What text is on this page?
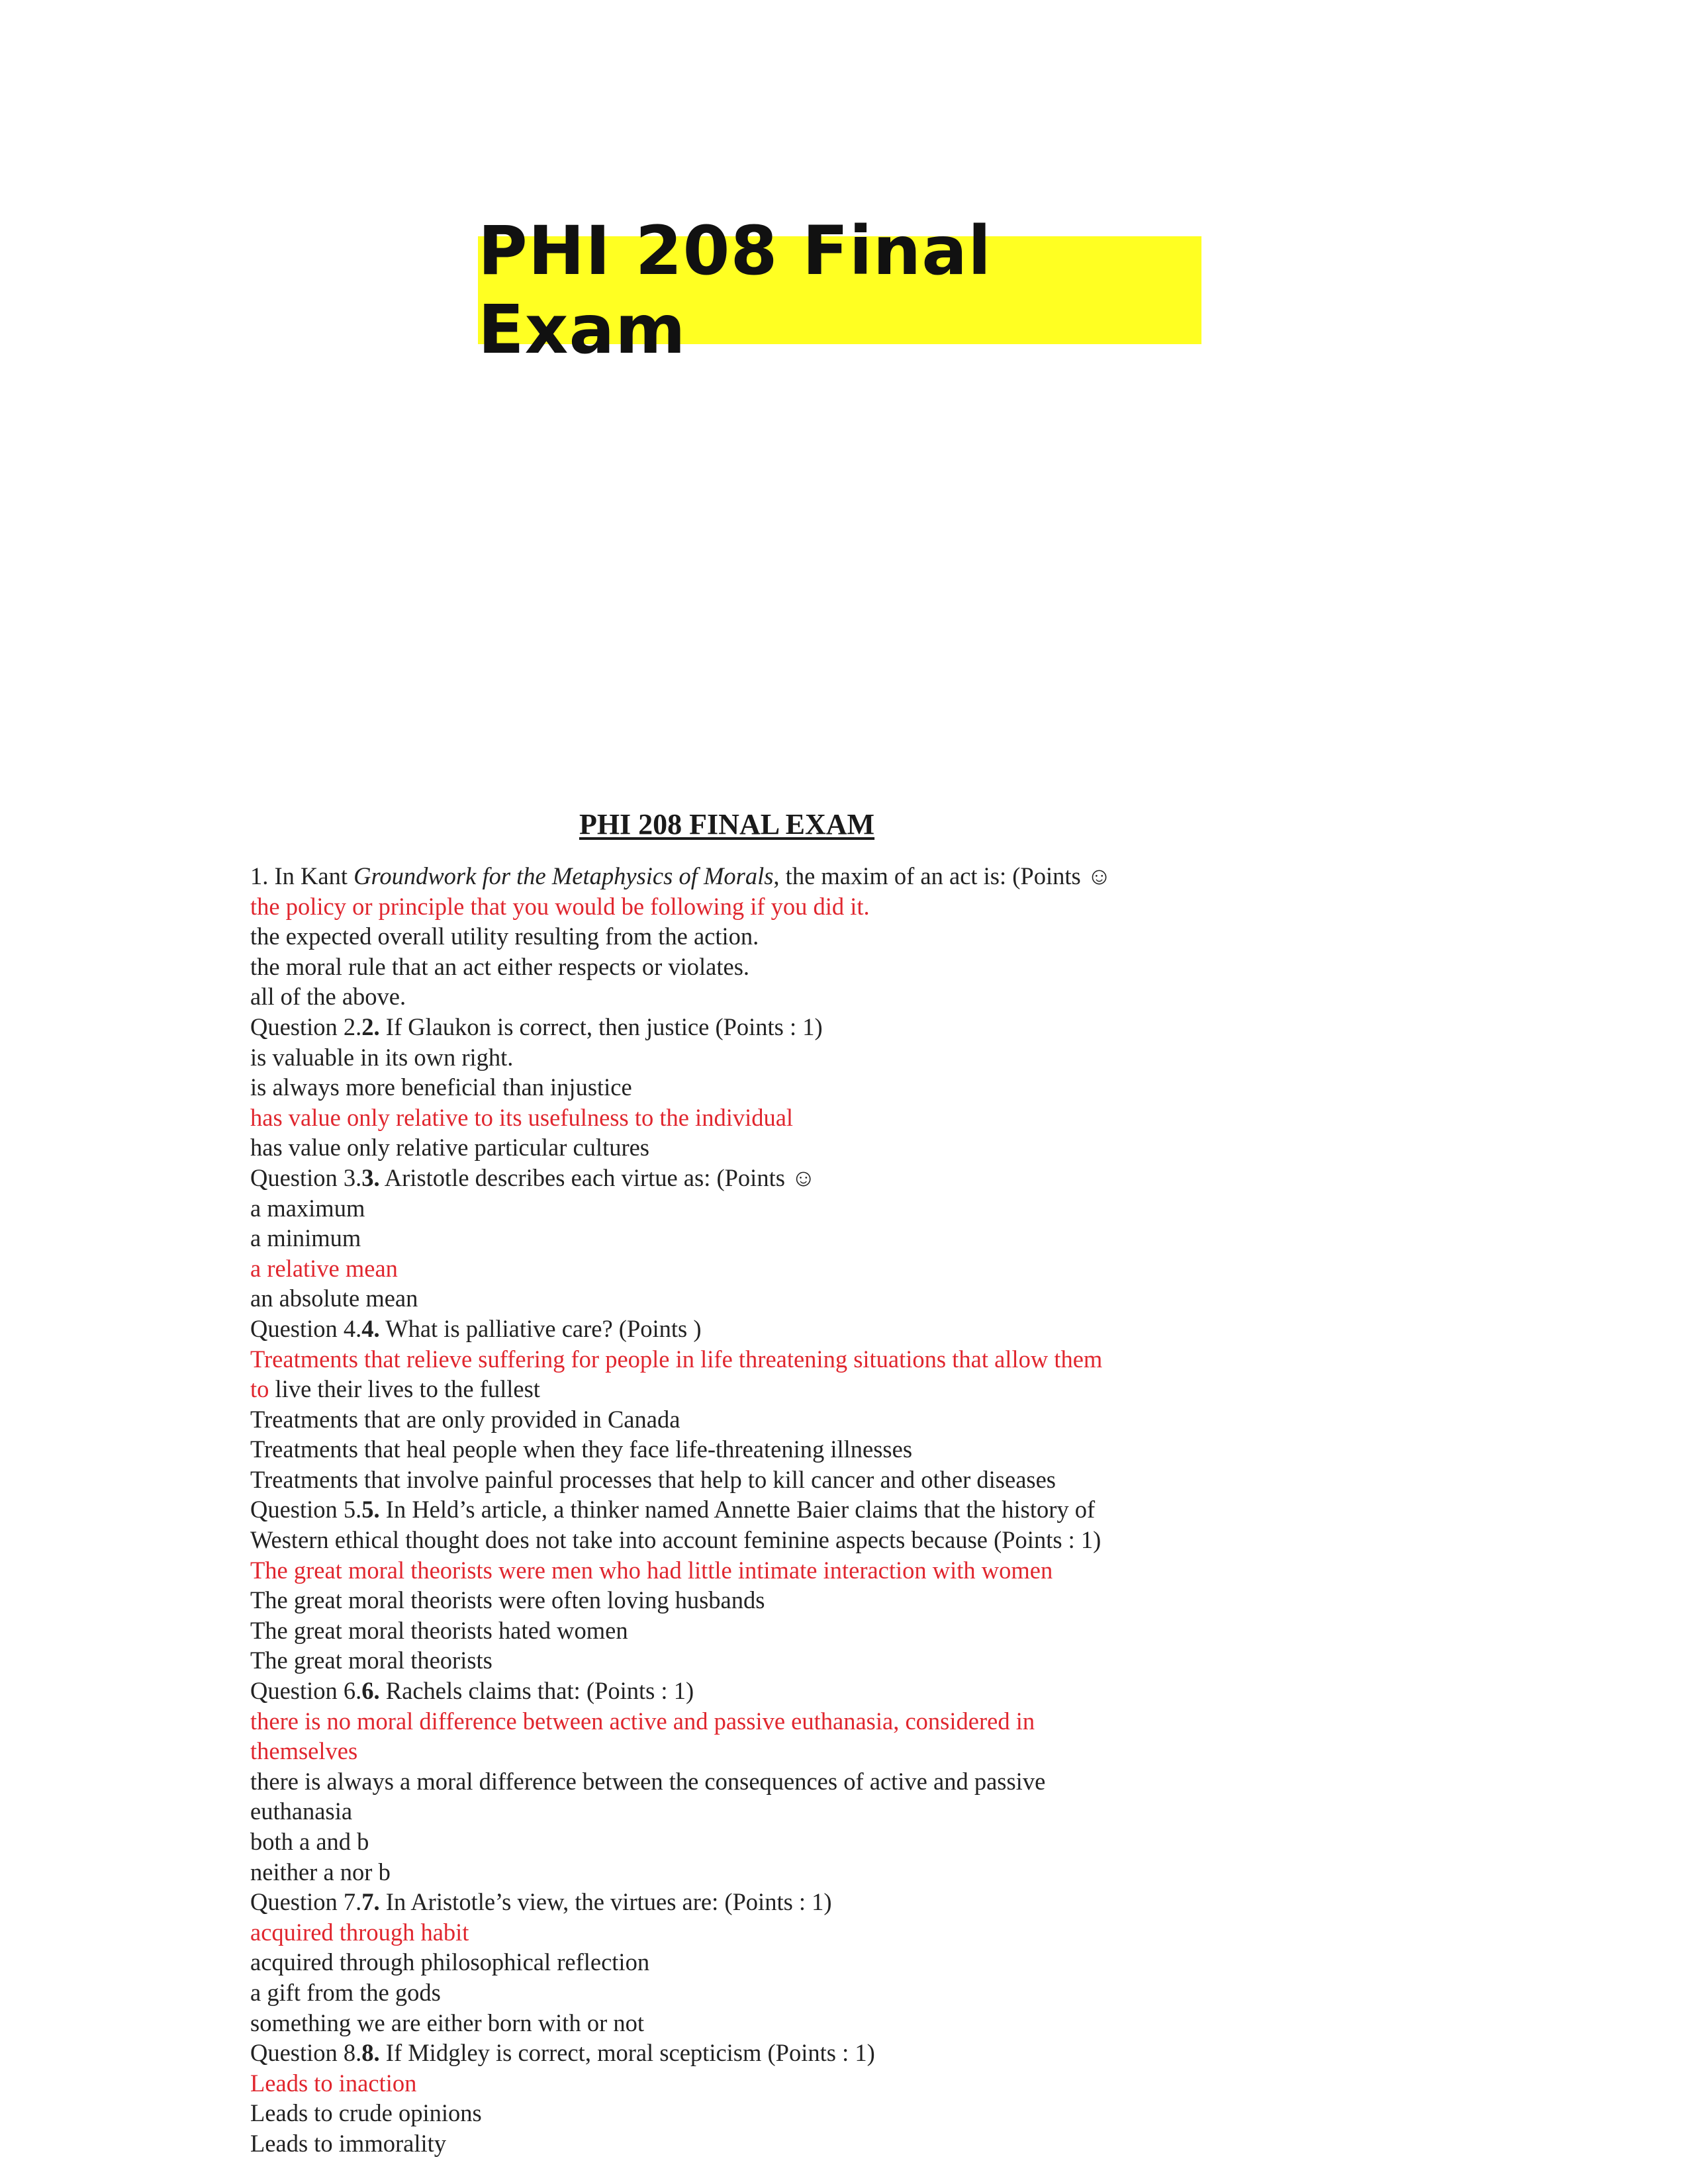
PHI 208 Final Exam
PHI 208 FINAL EXAM
1. In Kant Groundwork for the Metaphysics of Morals, the maxim of an act is: (Points ☺
the policy or principle that you would be following if you did it.
the expected overall utility resulting from the action.
the moral rule that an act either respects or violates.
all of the above.
Question 2.2. If Glaukon is correct, then justice (Points : 1)
is valuable in its own right.
is always more beneficial than injustice
has value only relative to its usefulness to the individual
has value only relative particular cultures
Question 3.3. Aristotle describes each virtue as: (Points ☺
a maximum
a minimum
a relative mean
an absolute mean
Question 4.4. What is palliative care? (Points )
Treatments that relieve suffering for people in life threatening situations that allow them
to live their lives to the fullest
Treatments that are only provided in Canada
Treatments that heal people when they face life-threatening illnesses
Treatments that involve painful processes that help to kill cancer and other diseases
Question 5.5. In Held’s article, a thinker named Annette Baier claims that the history of
Western ethical thought does not take into account feminine aspects because (Points : 1)
The great moral theorists were men who had little intimate interaction with women
The great moral theorists were often loving husbands
The great moral theorists hated women
The great moral theorists
Question 6.6. Rachels claims that: (Points : 1)
there is no moral difference between active and passive euthanasia, considered in
themselves
there is always a moral difference between the consequences of active and passive
euthanasia
both a and b
neither a nor b
Question 7.7. In Aristotle’s view, the virtues are: (Points : 1)
acquired through habit
acquired through philosophical reflection
a gift from the gods
something we are either born with or not
Question 8.8. If Midgley is correct, moral scepticism (Points : 1)
Leads to inaction
Leads to crude opinions
Leads to immorality
